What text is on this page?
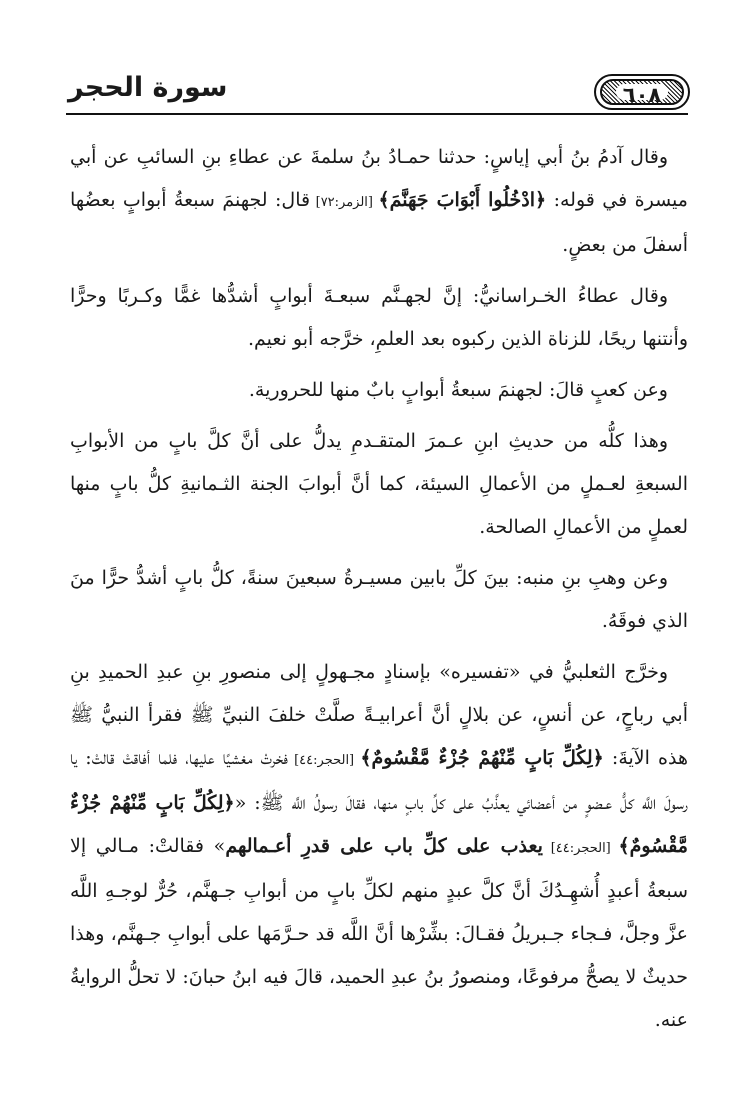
سورة الحجر	٦٠٨

وقال آدمُ بنُ أبي إياسٍ: حدثنا حمـادُ بنُ سلمةَ عن عطاءِ بنِ السائبِ عن أبي ميسرة في قوله: ﴿ادْخُلُوا أَبْوَابَ جَهَنَّمَ﴾ [الزمر:٧٢] قال: لجهنمَ سبعةُ أبوابٍ بعضُها أسفلَ من بعضٍ.

وقال عطاءُ الخـراسانيُّ: إنَّ لجهـنَّم سبعـةَ أبوابٍ أشدُّها غمًّا وكـربًا وحرًّا وأنتنها ريحًا، للزناة الذين ركبوه بعد العلمِ، خرَّجه أبو نعيم.

وعن كعبٍ قالَ: لجهنمَ سبعةُ أبوابٍ بابٌ منها للحرورية.

وهذا كلُّه من حديثِ ابنِ عـمرَ المتقـدمِ يدلُّ على أنَّ كلَّ بابٍ من الأبوابِ السبعةِ لعـملٍ من الأعمالِ السيئة، كما أنَّ أبوابَ الجنة الثـمانيةِ كلُّ بابٍ منها لعملٍ من الأعمالِ الصالحة.

وعن وهبِ بنِ منبه: بينَ كلِّ بابين مسيـرةُ سبعينَ سنةً، كلُّ بابٍ أشدُّ حرًّا منَ الذي فوقَهُ.

وخرَّج الثعلبيُّ في «تفسيره» بإسنادٍ مجـهولٍ إلى منصورِ بنِ عبدِ الحميدِ بنِ أبي رباحٍ، عن أنسٍ، عن بلالٍ أنَّ أعرابيـةً صلَّتْ خلفَ النبيِّ ﷺ فقرأ النبيُّ ﷺ هذه الآيةَ: ﴿لِكُلِّ بَابٍ مِّنْهُمْ جُزْءٌ مَّقْسُومٌ﴾ [الحجر:٤٤] فخرتْ مغشيًا عليها، فلما أفاقتْ قالتْ: يا رسولَ اللَّه كلُّ عـضوٍ من أعضائي يعذَّبُ على كلِّ بابٍ منها، فقالَ رسولُ اللَّه ﷺ: «﴿لِكُلِّ بَابٍ مِّنْهُمْ جُزْءٌ مَّقْسُومٌ﴾ [الحجر:٤٤] يعذب على كلِّ باب على قدرِ أعـمالهم» فقالتْ: مـالي إلا سبعةُ أعبدٍ أُشهِـدُكَ أنَّ كلَّ عبدٍ منهم لكلِّ بابٍ من أبوابِ جـهنَّم، حُرٌّ لوجـهِ اللَّه عزَّ وجلَّ، فـجاء جـبريلُ فقـالَ: بشِّرْها أنَّ اللَّه قد حـرَّمَها على أبوابِ جـهنَّم، وهذا حديثٌ لا يصحُّ مرفوعًا، ومنصورُ بنُ عبدِ الحميد، قالَ فيه ابنُ حبانَ: لا تحلُّ الروايةُ عنه.
